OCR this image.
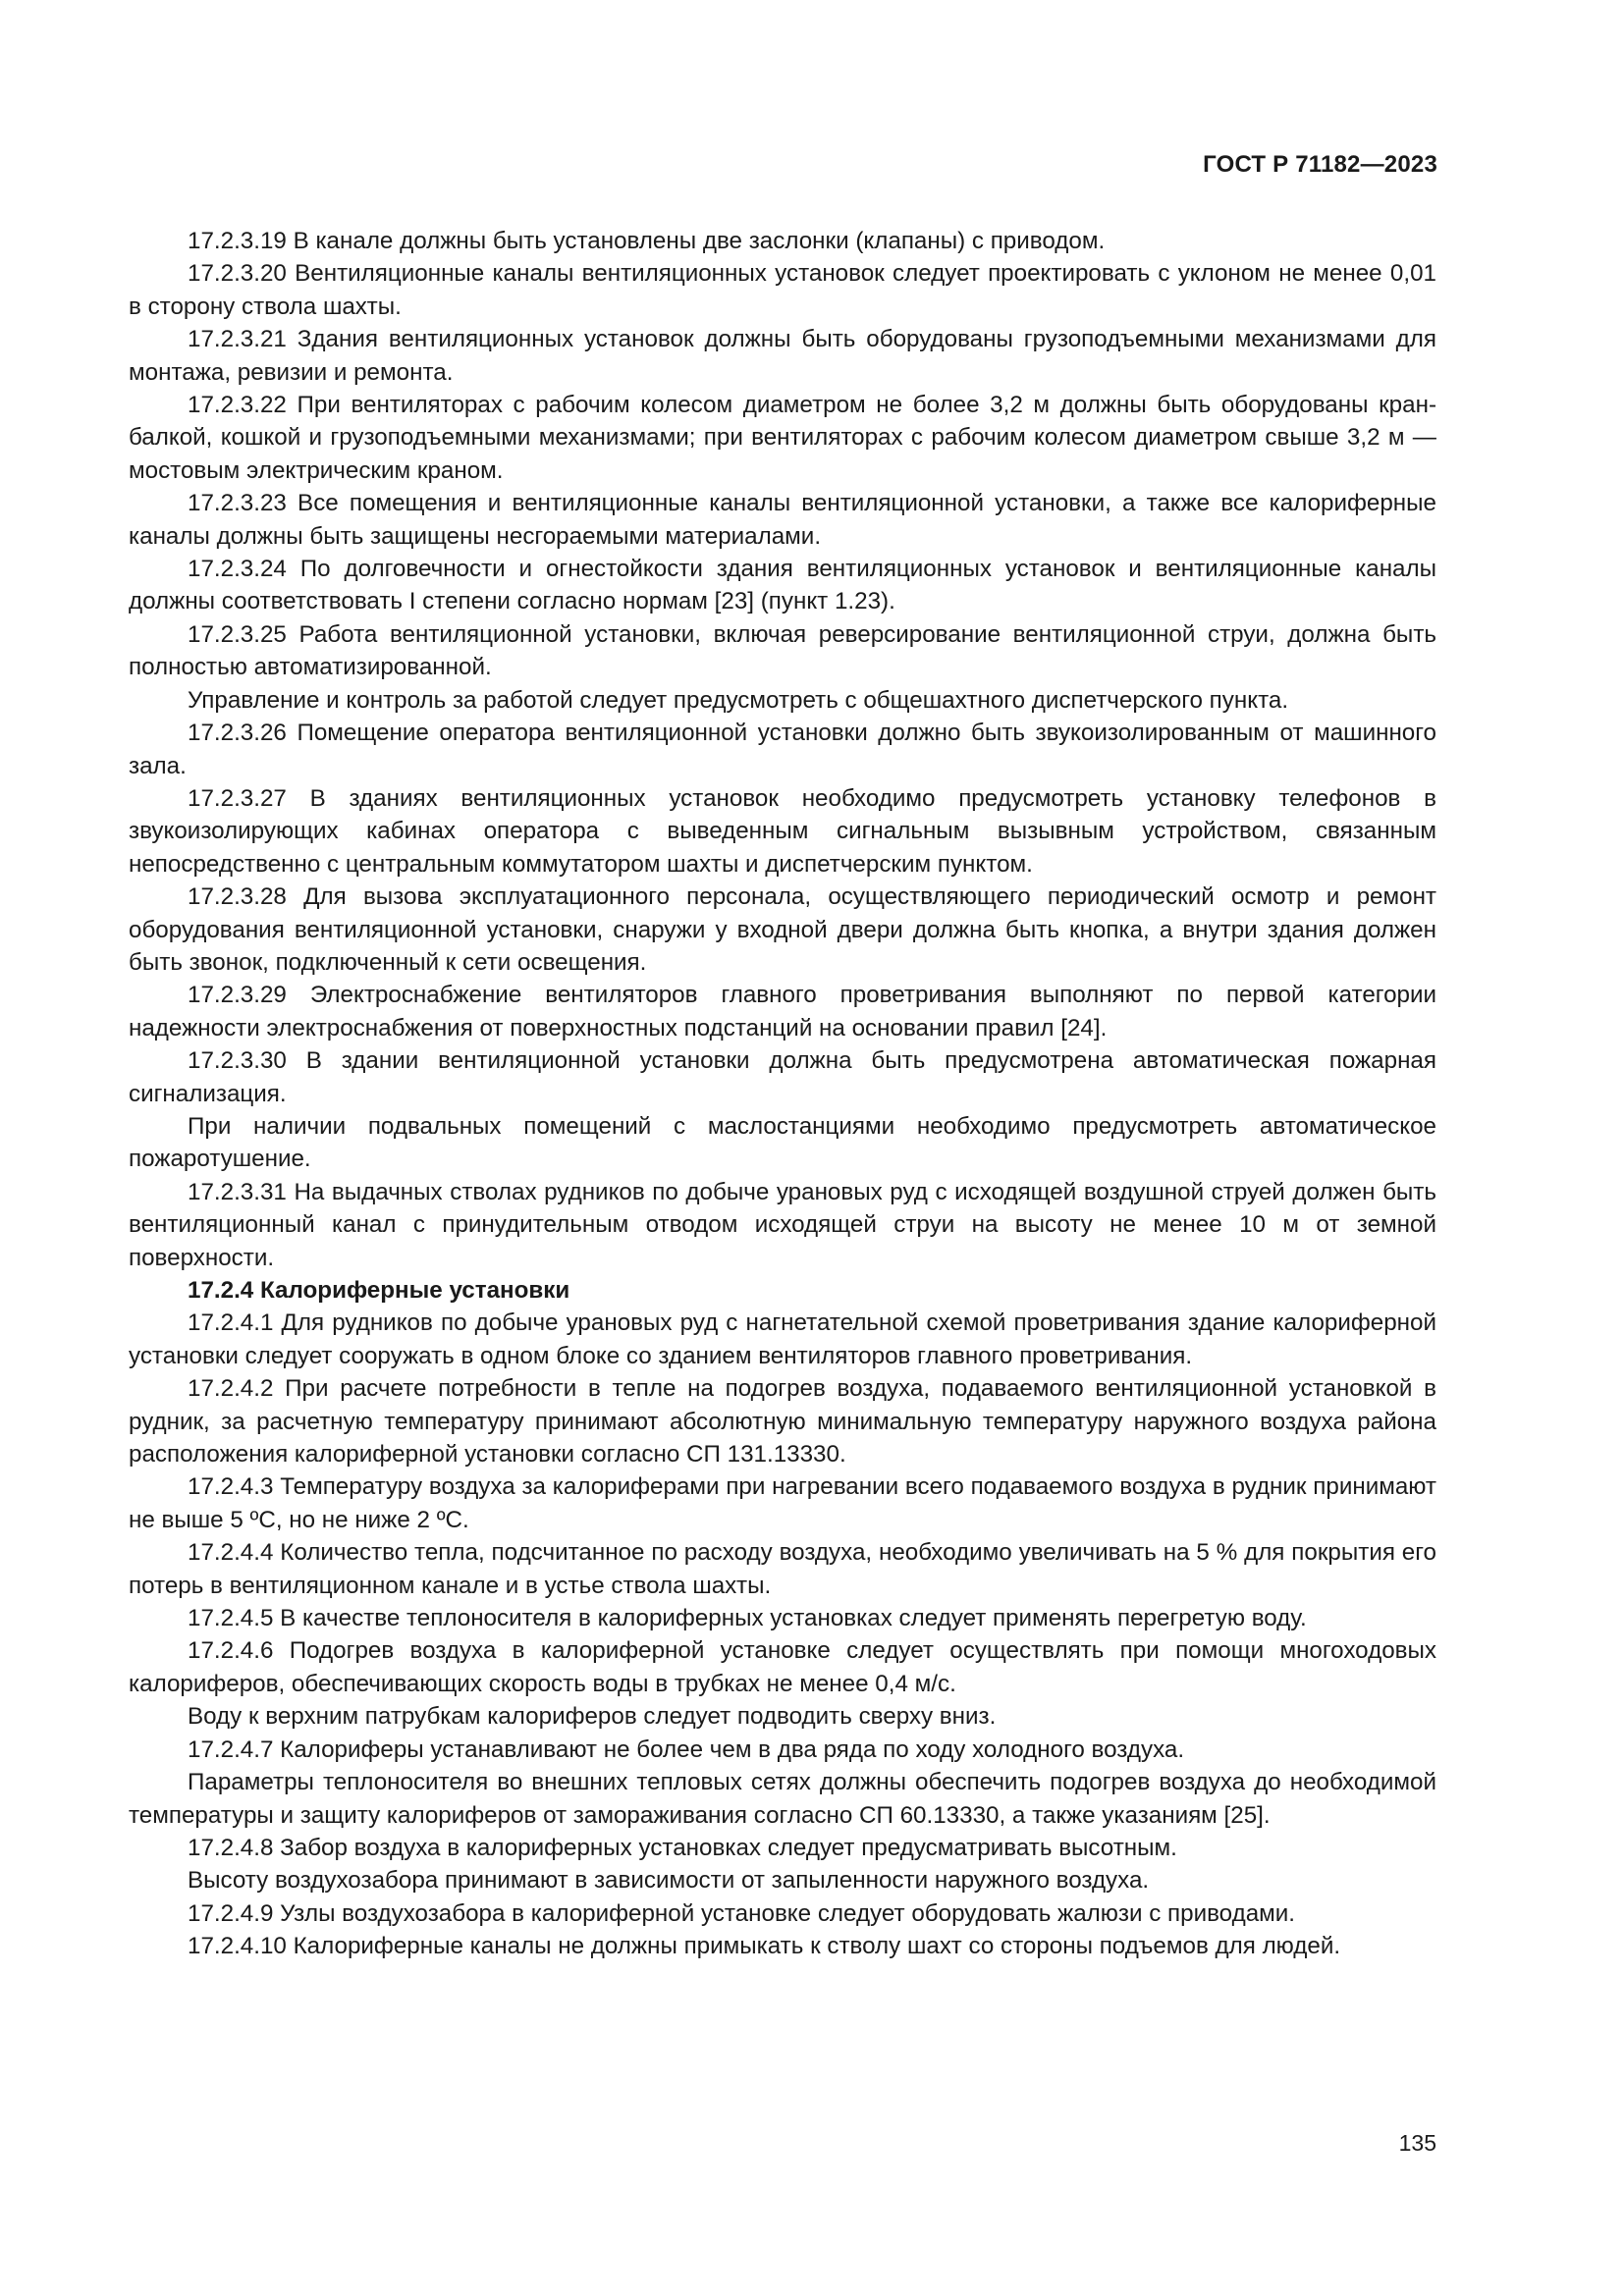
ГОСТ Р 71182—2023

17.2.3.19 В канале должны быть установлены две заслонки (клапаны) с приводом.

17.2.3.20 Вентиляционные каналы вентиляционных установок следует проектировать с уклоном не менее 0,01 в сторону ствола шахты.

17.2.3.21 Здания вентиляционных установок должны быть оборудованы грузоподъемными механизмами для монтажа, ревизии и ремонта.

17.2.3.22 При вентиляторах с рабочим колесом диаметром не более 3,2 м должны быть оборудованы кран-балкой, кошкой и грузоподъемными механизмами; при вентиляторах с рабочим колесом диаметром свыше 3,2 м — мостовым электрическим краном.

17.2.3.23 Все помещения и вентиляционные каналы вентиляционной установки, а также все калориферные каналы должны быть защищены несгораемыми материалами.

17.2.3.24 По долговечности и огнестойкости здания вентиляционных установок и вентиляционные каналы должны соответствовать I степени согласно нормам [23] (пункт 1.23).

17.2.3.25 Работа вентиляционной установки, включая реверсирование вентиляционной струи, должна быть полностью автоматизированной.

Управление и контроль за работой следует предусмотреть с общешахтного диспетчерского пункта.

17.2.3.26 Помещение оператора вентиляционной установки должно быть звукоизолированным от машинного зала.

17.2.3.27 В зданиях вентиляционных установок необходимо предусмотреть установку телефонов в звукоизолирующих кабинах оператора с выведенным сигнальным вызывным устройством, связанным непосредственно с центральным коммутатором шахты и диспетчерским пунктом.

17.2.3.28 Для вызова эксплуатационного персонала, осуществляющего периодический осмотр и ремонт оборудования вентиляционной установки, снаружи у входной двери должна быть кнопка, а внутри здания должен быть звонок, подключенный к сети освещения.

17.2.3.29 Электроснабжение вентиляторов главного проветривания выполняют по первой категории надежности электроснабжения от поверхностных подстанций на основании правил [24].

17.2.3.30 В здании вентиляционной установки должна быть предусмотрена автоматическая пожарная сигнализация.

При наличии подвальных помещений с маслостанциями необходимо предусмотреть автоматическое пожаротушение.

17.2.3.31 На выдачных стволах рудников по добыче урановых руд с исходящей воздушной струей должен быть вентиляционный канал с принудительным отводом исходящей струи на высоту не менее 10 м от земной поверхности.

17.2.4 Калориферные установки

17.2.4.1 Для рудников по добыче урановых руд с нагнетательной схемой проветривания здание калориферной установки следует сооружать в одном блоке со зданием вентиляторов главного проветривания.

17.2.4.2 При расчете потребности в тепле на подогрев воздуха, подаваемого вентиляционной установкой в рудник, за расчетную температуру принимают абсолютную минимальную температуру наружного воздуха района расположения калориферной установки согласно СП 131.13330.

17.2.4.3 Температуру воздуха за калориферами при нагревании всего подаваемого воздуха в рудник принимают не выше 5 ºС, но не ниже 2 ºС.

17.2.4.4 Количество тепла, подсчитанное по расходу воздуха, необходимо увеличивать на 5 % для покрытия его потерь в вентиляционном канале и в устье ствола шахты.

17.2.4.5 В качестве теплоносителя в калориферных установках следует применять перегретую воду.

17.2.4.6 Подогрев воздуха в калориферной установке следует осуществлять при помощи многоходовых калориферов, обеспечивающих скорость воды в трубках не менее 0,4 м/с.

Воду к верхним патрубкам калориферов следует подводить сверху вниз.

17.2.4.7 Калориферы устанавливают не более чем в два ряда по ходу холодного воздуха.

Параметры теплоносителя во внешних тепловых сетях должны обеспечить подогрев воздуха до необходимой температуры и защиту калориферов от замораживания согласно СП 60.13330, а также указаниям [25].

17.2.4.8 Забор воздуха в калориферных установках следует предусматривать высотным.

Высоту воздухозабора принимают в зависимости от запыленности наружного воздуха.

17.2.4.9 Узлы воздухозабора в калориферной установке следует оборудовать жалюзи с приводами.

17.2.4.10 Калориферные каналы не должны примыкать к стволу шахт со стороны подъемов для людей.

135
